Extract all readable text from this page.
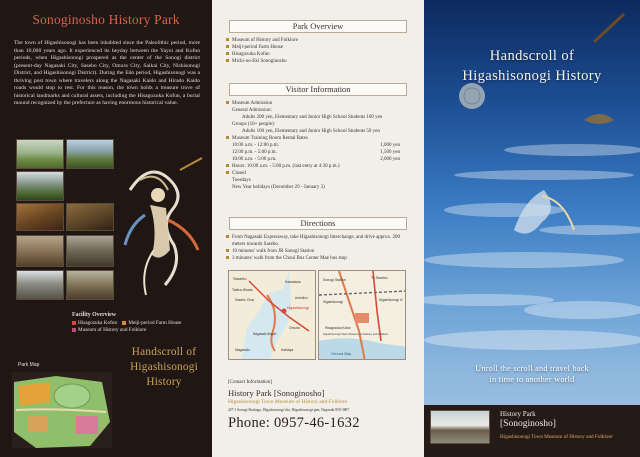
Sonoginosho History Park
The town of Higashisonogi has been inhabited since the Paleolithic period, more than 10,000 years ago. It experienced its heyday between the Yayoi and Kofun periods, when Higashisonogi prospered as the center of the Sonogi district (present-day Nagasaki City, Sasebo City, Omura City, Saikai City, Nishisonogi District, and Higashisonogi District). During the Edo period, Higashisonogi was a thriving post town where travelers along the Nagasaki Kaido and Hirado Kaido roads would stop to rest. For this reason, the town holds a treasure trove of historical landmarks and cultural assets, including the Hisagozuka Kofun, a burial mound recognized by the prefecture as having enormous historical value.
Facility Overview
Hisagozuka Kofun Meiji-period Farm House
Museum of History and Folklore
Handscroll of
Higashisonogi History
Park Map
Park Overview
Museum of History and Folklore
Meiji-period Farm House
Hisagozuka Kofun
Michi-no-Eki Sonoginosho
Visitor Information
Museum Admission
General Admission:
Adults 200 yen, Elementary and Junior High School Students 100 yen
Groups (10+ people):
Adults 100 yen, Elementary and Junior High School Students 50 yen
Museum Training Room Rental Rates
10:00 a.m. - 12:00 p.m.	1,000 yen
12:00 p.m. - 5:00 p.m.	1,500 yen
10:00 a.m. - 5:00 p.m.	2,000 yen
Hours: 10:00 a.m. - 5:00 p.m. (last entry at 4:30 p.m.)
Closed
Tuesdays
New Year holidays (December 29 - January 3)
Directions
From Nagasaki Expressway, take Higashisonogi Interchange, and drive approx. 200 meters towards Sasebo.
10 minutes' walk from JR Sonogi Station
3 minutes' walk from the Chouï Bus Center Mae bus stop
Sasebo
Tabira-Hirado
Kawatana
Higashisonogi
Omura
Isahaya
Nagasaki
Nagasaki Airport
Ureshino
Sasebo Chuo
Sonogi Station	To Sasebo
Higashisonogi IC
Higashisonogi
Hisagozuka Kofun
Higashisonogi Town Museum of History and Folklore
Omura Bay
[Contact Information]
History Park [Sonoginosho]
Higashisonogi Town Museum of History and Folklore
437-1 Sonogi Shukugo, Higashisonogi-cho, Higashisonogi-gun, Nagasaki 859-3807
Phone: 0957-46-1632
Handscroll of
Higashisonogi History
Unroll the scroll and travel back
in time to another world
History Park
[Sonoginosho]
Higashisonogi Town Museum of History and Folklore
